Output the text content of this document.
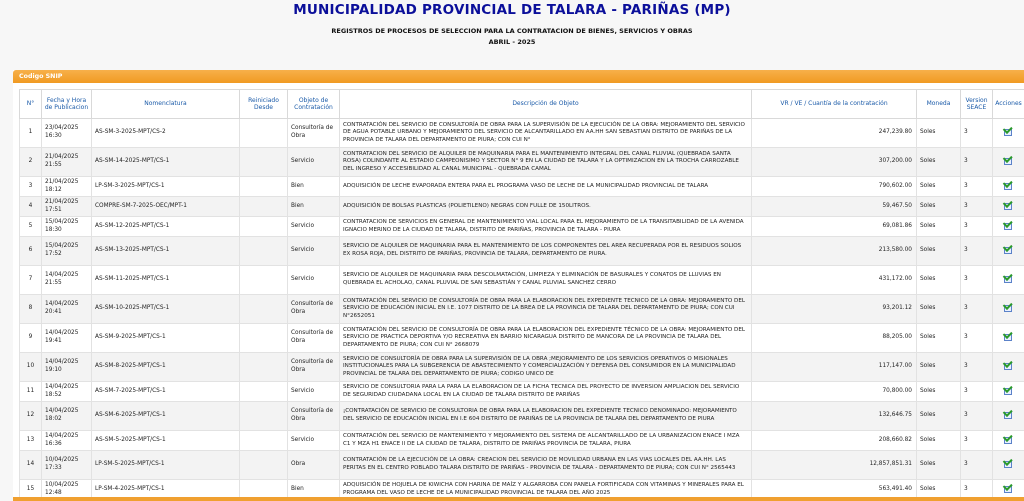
MUNICIPALIDAD PROVINCIAL DE TALARA - PARIÑAS (MP)
REGISTROS DE PROCESOS DE SELECCION PARA LA CONTRATACION DE BIENES, SERVICIOS Y OBRAS
ABRIL - 2025
Codigo SNIP
N°	Fecha y Hora de Publicacion	Nomenclatura	Reiniciado Desde	Objeto de Contratación	Descripción de Objeto	VR / VE / Cuantía de la contratación	Moneda	Version SEACE	Acciones
1	23/04/2025 16:30	AS-SM-3-2025-MPT/CS-2		Consultoría de Obra	CONTRATACIÓN DEL SERVICIO DE CONSULTORÍA DE OBRA PARA LA SUPERVISIÓN DE LA EJECUCIÓN DE LA OBRA: MEJORAMIENTO DEL SERVICIO DE AGUA POTABLE URBANO Y MEJORAMIENTO DEL SERVICIO DE ALCANTARILLADO EN AA.HH SAN SEBASTIAN DISTRITO DE PARIÑAS DE LA PROVINCIA DE TALARA DEL DEPARTAMENTO DE PIURA; CON CUI N°	247,239.80	Soles	3	

2	21/04/2025 21:55	AS-SM-14-2025-MPT/CS-1		Servicio	CONTRATACION DEL SERVICIO DE ALQUILER DE MAQUINARIA PARA EL MANTENIMIENTO INTEGRAL DEL CANAL FLUVIAL (QUEBRADA SANTA ROSA) COLINDANTE AL ESTADIO CAMPEONISIMO Y SECTOR N° 9 EN LA CIUDAD DE TALARA Y LA OPTIMIZACION EN LA TROCHA CARROZABLE DEL INGRESO Y ACCESIBILIDAD AL CANAL MUNICIPAL - QUEBRADA CAMAL	307,200.00	Soles	3	

3	21/04/2025 18:12	LP-SM-3-2025-MPT/CS-1		Bien	ADQUISICIÓN DE LECHE EVAPORADA ENTERA PARA EL PROGRAMA VASO DE LECHE DE LA MUNICIPALIDAD PROVINCIAL DE TALARA	790,602.00	Soles	3	

4	21/04/2025 17:51	COMPRE-SM-7-2025-OEC/MPT-1		Bien	ADQUISICIÓN DE BOLSAS PLASTICAS (POLIETILENO) NEGRAS CON FULLE DE 150LITROS.	59,467.50	Soles	3	

5	15/04/2025 18:30	AS-SM-12-2025-MPT/CS-1		Servicio	CONTRATACION DE SERVICIOS EN GENERAL DE MANTENIMIENTO VIAL LOCAL PARA EL MEJORAMIENTO DE LA TRANSITABILIDAD DE LA AVENIDA IGNACIO MERINO DE LA CIUDAD DE TALARA, DISTRITO DE PARIÑAS, PROVINCIA DE TALARA - PIURA	69,081.86	Soles	3	

6	15/04/2025 17:52	AS-SM-13-2025-MPT/CS-1		Servicio	SERVICIO DE ALQUILER DE MAQUINARIA PARA EL MANTENIMIENTO DE LOS COMPONENTES DEL AREA RECUPERADA POR EL RESIDUOS SOLIOS EX ROSA ROJA, DEL DISTRITO DE PARIÑAS, PROVINCIA DE TALARA, DEPARTAMENTO DE PIURA.	213,580.00	Soles	3	

7	14/04/2025 21:55	AS-SM-11-2025-MPT/CS-1		Servicio	SERVICIO DE ALQUILER DE MAQUINARIA PARA DESCOLMATACIÓN, LIMPIEZA Y ELIMINACIÓN DE BASURALES Y CONATOS DE LLUVIAS EN QUEBRADA EL ACHOLAO, CANAL PLUVIAL DE SAN SEBASTIÁN Y CANAL PLUVIAL SANCHEZ CERRO	431,172.00	Soles	3	

8	14/04/2025 20:41	AS-SM-10-2025-MPT/CS-1		Consultoría de Obra	CONTRATACIÓN DEL SERVICIO DE CONSULTORÍA DE OBRA PARA LA ELABORACION DEL EXPEDIENTE TECNICO DE LA OBRA: MEJORAMIENTO DEL SERVICIO DE EDUCACIÓN INICIAL EN I.E. 1077 DISTRITO DE LA BREA DE LA PROVINCIA DE TALARA DEL DEPARTAMENTO DE PIURA; CON CUI N°2652051	93,201.12	Soles	3	

9	14/04/2025 19:41	AS-SM-9-2025-MPT/CS-1		Consultoría de Obra	CONTRATACIÓN DEL SERVICIO DE CONSULTORÍA DE OBRA PARA LA ELABORACION DEL EXPEDIENTE TÉCNICO DE LA OBRA: MEJORAMIENTO DEL SERVICIO DE PRACTICA DEPORTIVA Y/O RECREATIVA EN BARRIO NICARAGUA DISTRITO DE MANCORA DE LA PROVINCIA DE TALARA DEL DEPARTAMENTO DE PIURA; CON CUI N° 2668079	88,205.00	Soles	3	

10	14/04/2025 19:10	AS-SM-8-2025-MPT/CS-1		Consultoría de Obra	SERVICIO DE CONSULTORÍA DE OBRA PARA LA SUPERVISIÓN DE LA OBRA ;MEJORAMIENTO DE LOS SERVICIOS OPERATIVOS O MISIONALES INSTITUCIONALES PARA LA SUBGERENCIA DE ABASTECIMIENTO Y COMERCIALIZACIÓN Y DEFENSA DEL CONSUMIDOR EN LA MUNICIPALIDAD PROVINCIAL DE TALARA DEL DEPARTAMENTO DE PIURA; CODIGO UNICO DE	117,147.00	Soles	3	

11	14/04/2025 18:52	AS-SM-7-2025-MPT/CS-1		Servicio	SERVICIO DE CONSULTORIA PARA LA PARA LA ELABORACION DE LA FICHA TECNICA DEL PROYECTO DE INVERSION AMPLIACION DEL SERVICIO DE SEGURIDAD CIUDADANA LOCAL EN LA CIUDAD DE TALARA DISTRITO DE PARIÑAS	70,800.00	Soles	3	

12	14/04/2025 18:02	AS-SM-6-2025-MPT/CS-1		Consultoría de Obra	¡CONTRATACIÓN DE SERVICIO DE CONSULTORIA DE OBRA PARA LA ELABORACION DEL EXPEDIENTE TECNICO DENOMINADO: MEJORAMIENTO DEL SERVICIO DE EDUCACIÓN INICIAL EN I.E 604 DISTRITO DE PARIÑAS DE LA PROVINCIA DE TALARA DEL DEPARTAMENTO DE PIURA	132,646.75	Soles	3	

13	14/04/2025 16:36	AS-SM-5-2025-MPT/CS-1		Servicio	CONTRATACIÓN DEL SERVICIO DE MANTENIMIENTO Y MEJORAMIENTO DEL SISTEMA DE ALCANTARILLADO DE LA URBANIZACION ENACE I MZA C1 Y MZA H1 ENACE II DE LA CIUDAD DE TALARA, DISTRITO DE PARIÑAS PROVINCIA DE TALARA, PIURA	208,660.82	Soles	3	

14	10/04/2025 17:33	LP-SM-5-2025-MPT/CS-1		Obra	CONTRATACIÓN DE LA EJECUCIÓN DE LA OBRA: CREACION DEL SERVICIO DE MOVILIDAD URBANA EN LAS VIAS LOCALES DEL AA.HH. LAS PERITAS EN EL CENTRO POBLADO TALARA DISTRITO DE PARIÑAS - PROVINCIA DE TALARA - DEPARTAMENTO DE PIURA; CON CUI N° 2565443	12,857,851.31	Soles	3	

15	10/04/2025 12:48	LP-SM-4-2025-MPT/CS-1		Bien	ADQUISICIÓN DE HOJUELA DE KIWICHA CON HARINA DE MAÍZ Y ALGARROBA CON PANELA FORTIFICADA CON VITAMINAS Y MINERALES PARA EL PROGRAMA DEL VASO DE LECHE DE LA MUNICIPALIDAD PROVINCIAL DE TALARA DEL AÑO 2025	563,491.40	Soles	3	
